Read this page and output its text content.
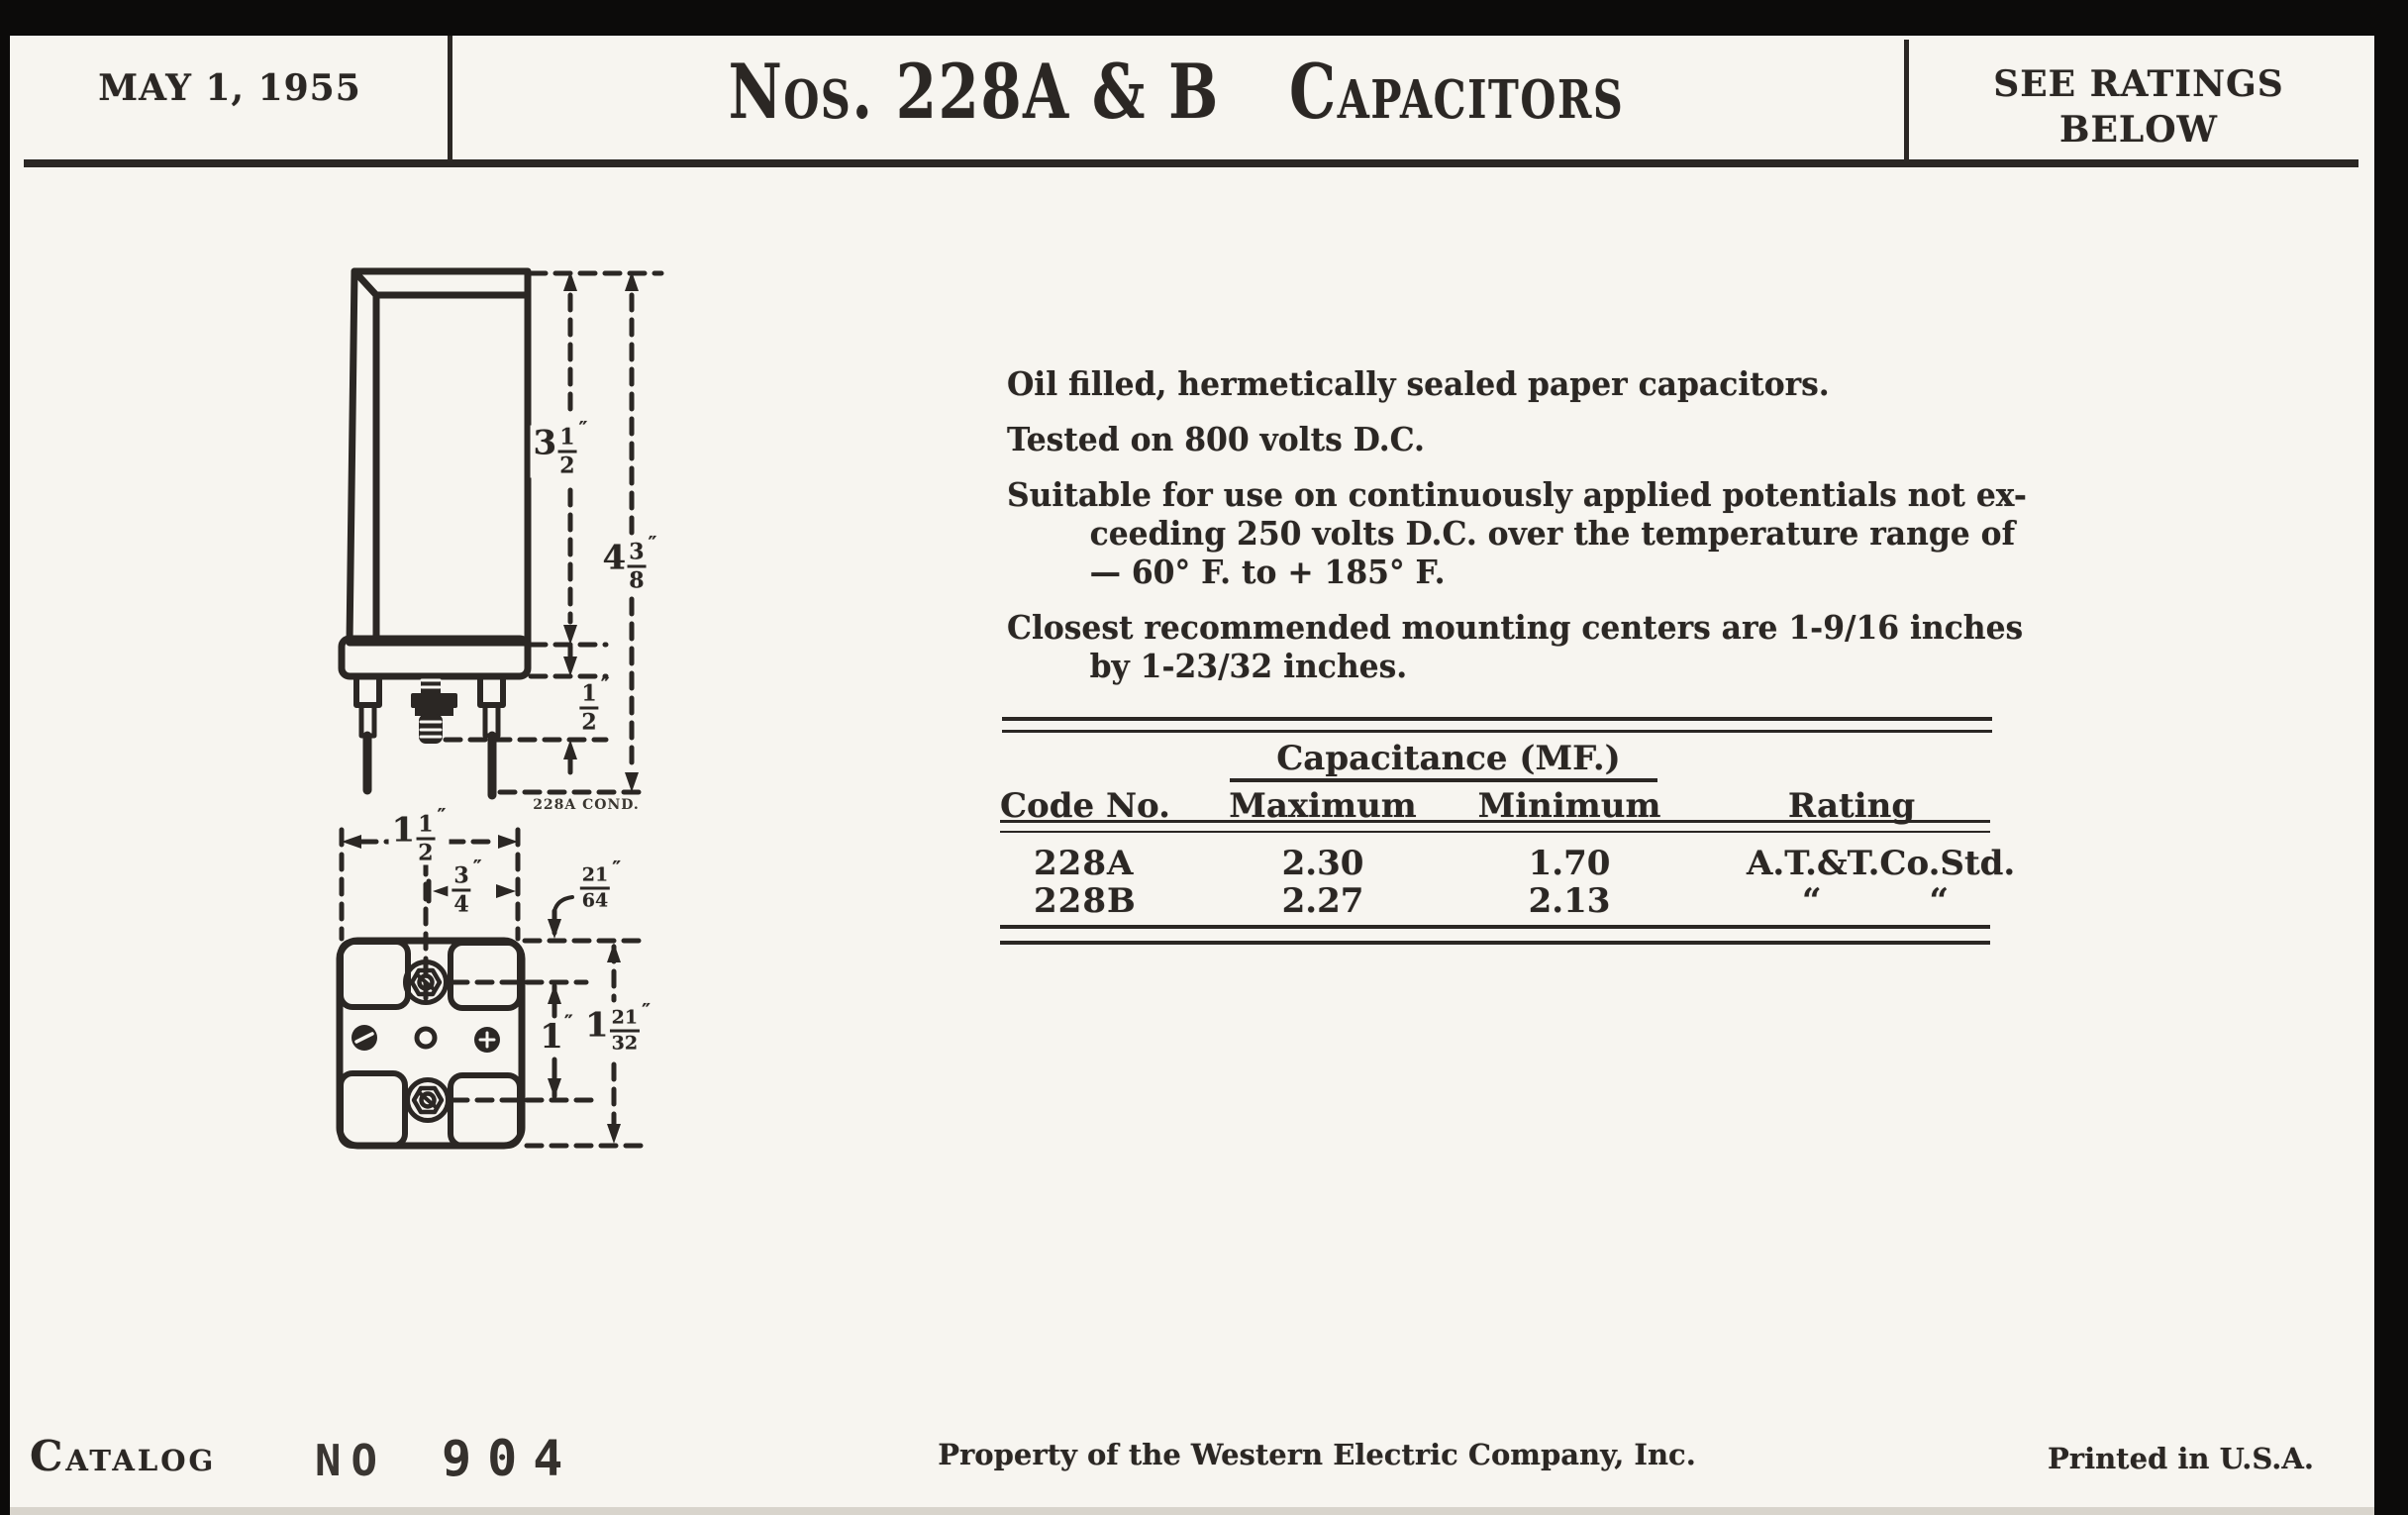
MAY 1, 1955	Nos. 228A & B Capacitors	SEE RATINGS
BELOW
Oil filled, hermetically sealed paper capacitors.
Tested on 800 volts D.C.
Suitable for use on continuously applied potentials not ex-
ceeding 250 volts D.C. over the temperature range of
— 60° F. to + 185° F.
Closest recommended mounting centers are 1-9/16 inches
by 1-23/32 inches.
Capacitance (MF.)
Code No.	Maximum Minimum	Rating
228A	2.30	1.70	A.T.&T.Co.Std.
228B	2.27	2.13	“	“
$3 \frac{1}{2}$ ″
$4 \frac{3}{8}$ ″
$\frac{1}{2}$ ″
228A COND.
$1 \frac{1}{2}$ ″
$\frac{3}{4}$ ″	$\frac{21}{64}$ ″
1 ″ $1 \frac{21}{32}$ ″
Catalog NO 904	Property of the Western Electric Company, Inc.	Printed in U.S.A.
